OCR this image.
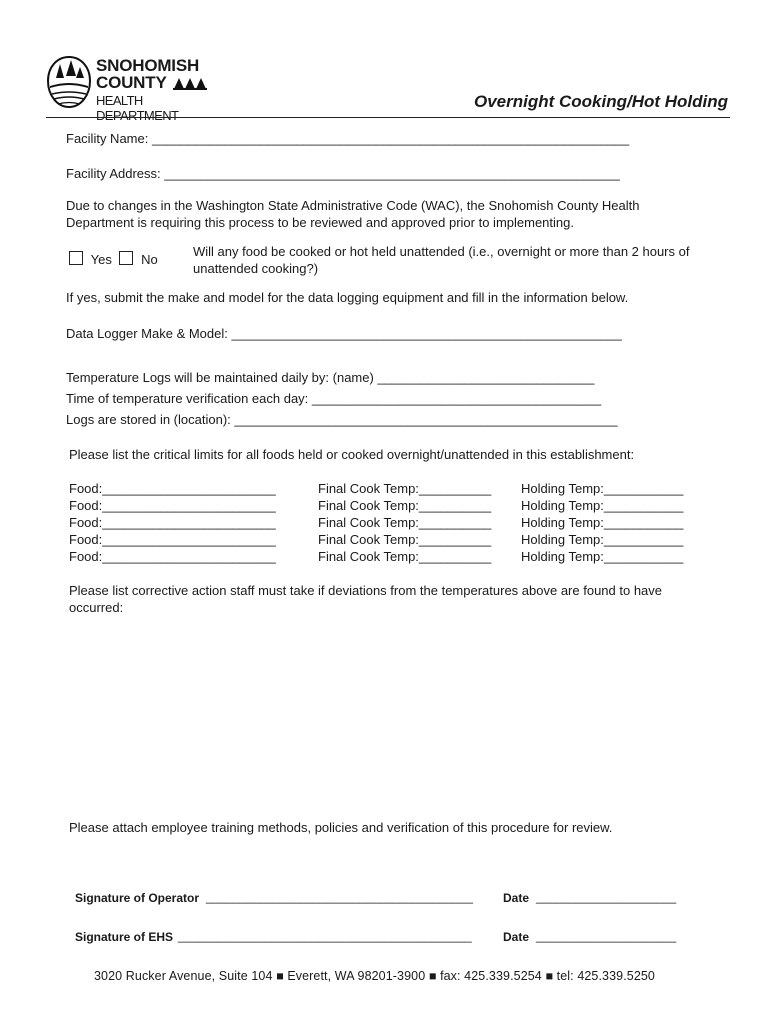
SNOHOMISH
COUNTY
HEALTH DEPARTMENT
Overnight Cooking/Hot Holding
Facility Name: __________________________________________________________________
Facility Address: _______________________________________________________________
Due to changes in the Washington State Administrative Code (WAC), the Snohomish County Health
Department is requiring this process to be reviewed and approved prior to implementing.
Yes No
Will any food be cooked or hot held unattended (i.e., overnight or more than 2 hours of
unattended cooking?)
If yes, submit the make and model for the data logging equipment and fill in the information below.
Data Logger Make & Model: ______________________________________________________
Temperature Logs will be maintained daily by: (name) ______________________________
Time of temperature verification each day: ________________________________________
Logs are stored in (location): _____________________________________________________
Please list the critical limits for all foods held or cooked overnight/unattended in this establishment:
Food:________________________	Final Cook Temp:__________ Holding Temp:___________
Food:________________________	Final Cook Temp:__________ Holding Temp:___________
Food:________________________	Final Cook Temp:__________ Holding Temp:___________
Food:________________________	Final Cook Temp:__________ Holding Temp:___________
Food:________________________	Final Cook Temp:__________ Holding Temp:___________
Please list corrective action staff must take if deviations from the temperatures above are found to have
occurred:
Please attach employee training methods, policies and verification of this procedure for review.
Signature of Operator ________________________________________	Date _____________________
Signature of EHS ____________________________________________	Date _____________________
3020 Rucker Avenue, Suite 104 ■ Everett, WA 98201-3900 ■ fax: 425.339.5254 ■ tel: 425.339.5250
